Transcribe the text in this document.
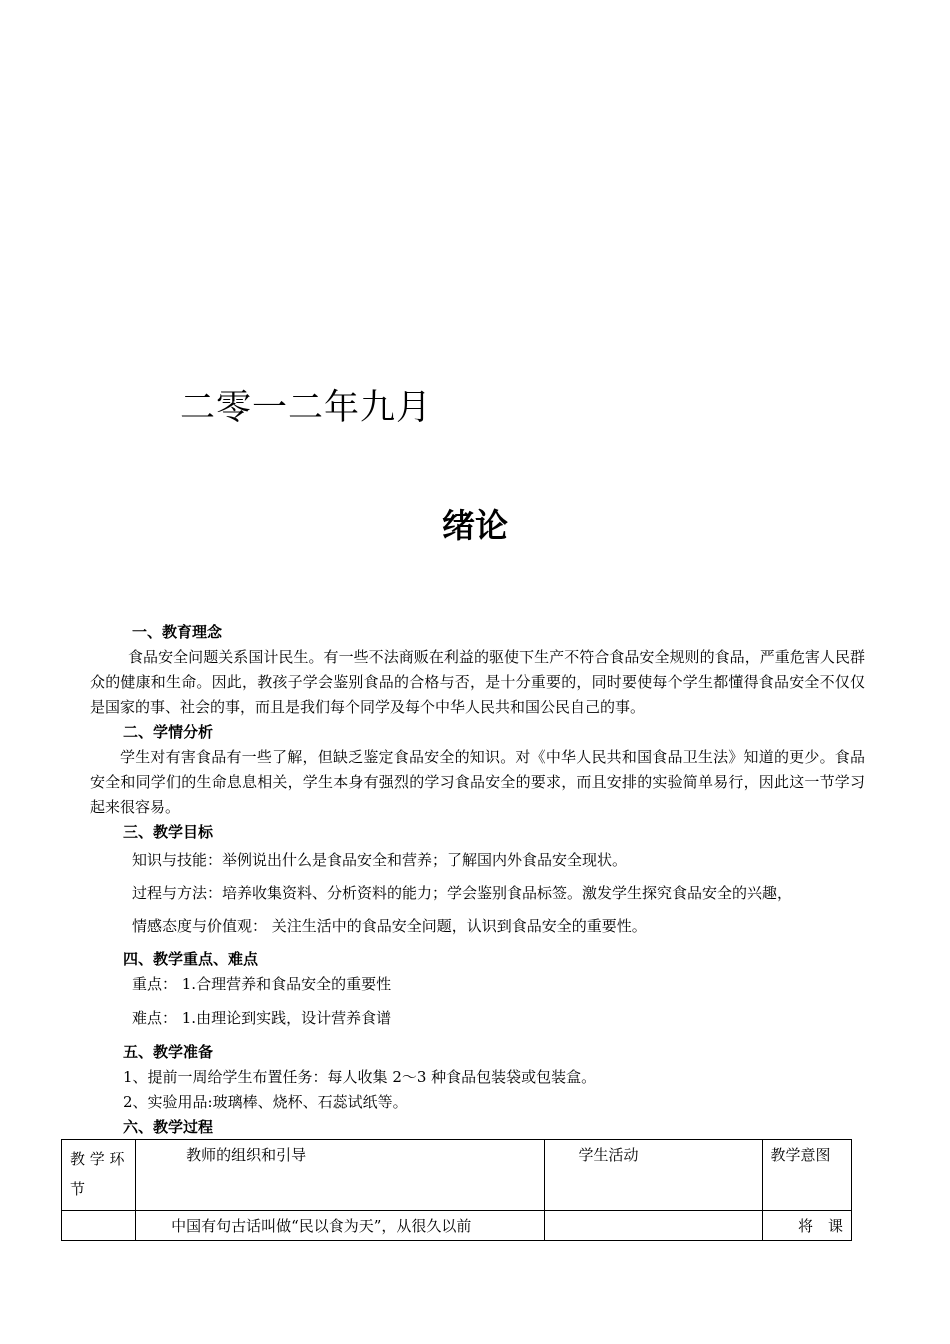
二零一二年九月
绪论
一、教育理念
食品安全问题关系国计民生。有一些不法商贩在利益的驱使下生产不符合食品安全规则的食品，严重危害人民群众的健康和生命。因此，教孩子学会鉴别食品的合格与否，是十分重要的，同时要使每个学生都懂得食品安全不仅仅是国家的事、社会的事，而且是我们每个同学及每个中华人民共和国公民自己的事。
二、学情分析
学生对有害食品有一些了解，但缺乏鉴定食品安全的知识。对《中华人民共和国食品卫生法》知道的更少。食品安全和同学们的生命息息相关，学生本身有强烈的学习食品安全的要求，而且安排的实验简单易行，因此这一节学习起来很容易。
三、教学目标
知识与技能：举例说出什么是食品安全和营养；了解国内外食品安全现状。
过程与方法：培养收集资料、分析资料的能力；学会鉴别食品标签。激发学生探究食品安全的兴趣，
情感态度与价值观： 关注生活中的食品安全问题，认识到食品安全的重要性。
四、教学重点、难点
重点： 1.合理营养和食品安全的重要性
难点： 1.由理论到实践，设计营养食谱
五、教学准备
1、提前一周给学生布置任务：每人收集 2～3 种食品包装袋或包装盒。
2、实验用品:玻璃棒、烧杯、石蕊试纸等。
六、教学过程
教 学 环 节	教师的组织和引导	学生活动	教学意图
	中国有句古话叫做“民以食为天”，从很久以前		将　课
